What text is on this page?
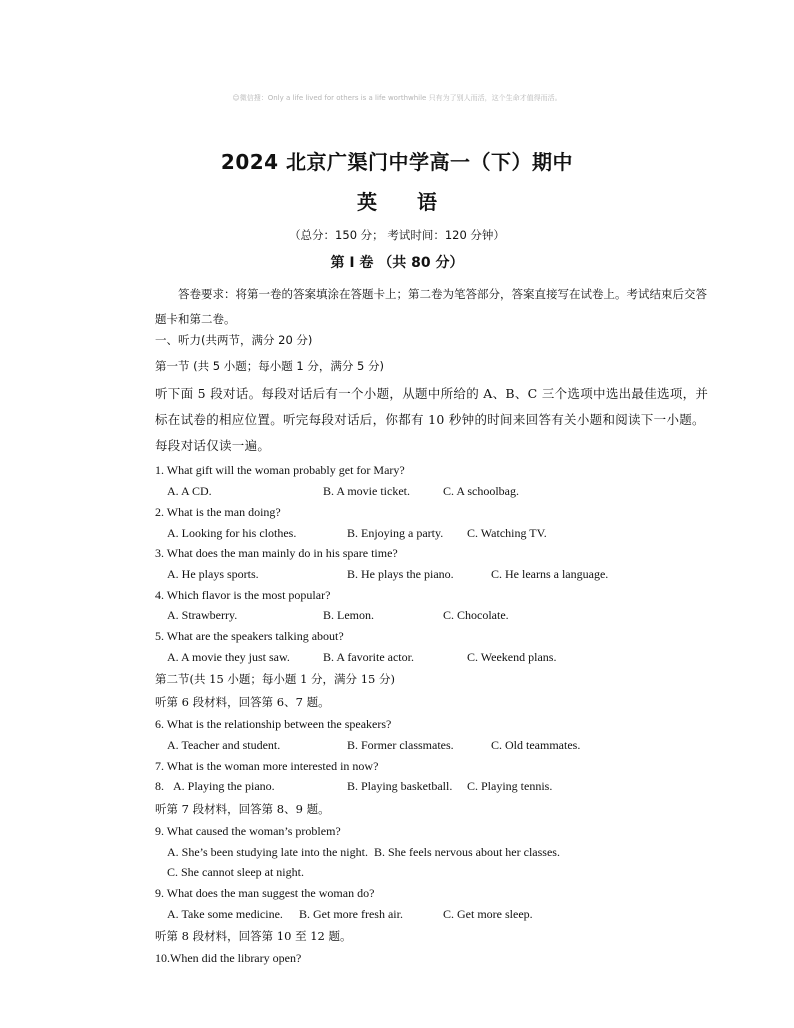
☺微信搜：Only a life lived for others is a life worthwhile 只有为了别人而活，这个生命才值得而活。
2024 北京广渠门中学高一（下）期中
英 语
（总分：150 分； 考试时间：120 分钟）
第 I 卷 （共 80 分）
答卷要求：将第一卷的答案填涂在答题卡上；第二卷为笔答部分，答案直接写在试卷上。考试结束后交答题卡和第二卷。
一、听力(共两节，满分 20 分)
第一节 (共 5 小题；每小题 1 分，满分 5 分)
听下面 5 段对话。每段对话后有一个小题，从题中所给的 A、B、C 三个选项中选出最佳选项，并标在试卷的相应位置。听完每段对话后，你都有 10 秒钟的时间来回答有关小题和阅读下一小题。每段对话仅读一遍。
1. What gift will the woman probably get for Mary?
A. A CD.	B. A movie ticket.	C. A schoolbag.
2. What is the man doing?
A. Looking for his clothes.	B. Enjoying a party. C. Watching TV.
3. What does the man mainly do in his spare time?
A. He plays sports.	B. He plays the piano.	C. He learns a language.
4. Which flavor is the most popular?
A. Strawberry.	B. Lemon.	C. Chocolate.
5. What are the speakers talking about?
A. A movie they just saw.	B. A favorite actor.	C. Weekend plans.
第二节(共 15 小题；每小题 1 分，满分 15 分)
听第 6 段材料，回答第 6、7 题。
6. What is the relationship between the speakers?
A. Teacher and student.	B. Former classmates.	C. Old teammates.
7. What is the woman more interested in now?
8. A. Playing the piano.	B. Playing basketball. C. Playing tennis.
听第 7 段材料，回答第 8、9 题。
9. What caused the woman’s problem?
A. She’s been studying late into the night. B. She feels nervous about her classes.
C. She cannot sleep at night.
9. What does the man suggest the woman do?
A. Take some medicine. B. Get more fresh air.	C. Get more sleep.
听第 8 段材料，回答第 10 至 12 题。
10.When did the library open?
